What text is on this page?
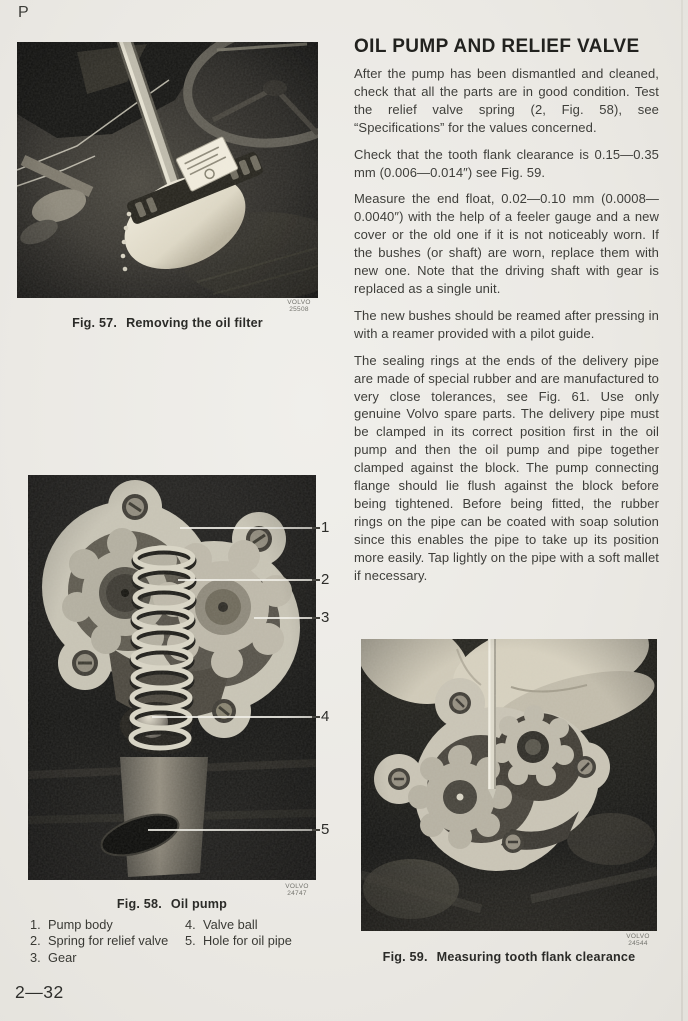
P
VOLVO
25508
Fig. 57. Removing the oil filter
OIL PUMP AND RELIEF VALVE

After the pump has been dismantled and cleaned, check that all the parts are in good condition. Test the relief valve spring (2, Fig. 58), see “Specifications” for the values concerned.

Check that the tooth flank clearance is 0.15—0.35 mm (0.006—0.014″) see Fig. 59.

Measure the end float, 0.02—0.10 mm (0.0008—0.0040″) with the help of a feeler gauge and a new cover or the old one if it is not noticeably worn. If the bushes (or shaft) are worn, replace them with new one. Note that the driving shaft with gear is replaced as a single unit.

The new bushes should be reamed after pressing in with a reamer provided with a pilot guide.

The sealing rings at the ends of the delivery pipe are made of special rubber and are manufactured to very close tolerances, see Fig. 61. Use only genuine Volvo spare parts. The delivery pipe must be clamped in its correct position first in the oil pump and then the oil pump and pipe together clamped against the block. The pump connecting flange should lie flush against the block before being tightened. Before being fitted, the rubber rings on the pipe can be coated with soap solution since this enables the pipe to take up its position more easily. Tap lightly on the pipe with a soft mallet if necessary.

1
2
3
4
5
VOLVO
24747
Fig. 58. Oil pump
1. Pump body
2. Spring for relief valve
3. Gear
4. Valve ball
5. Hole for oil pipe	VOLVO
24544
Fig. 59. Measuring tooth flank clearance
2—32
